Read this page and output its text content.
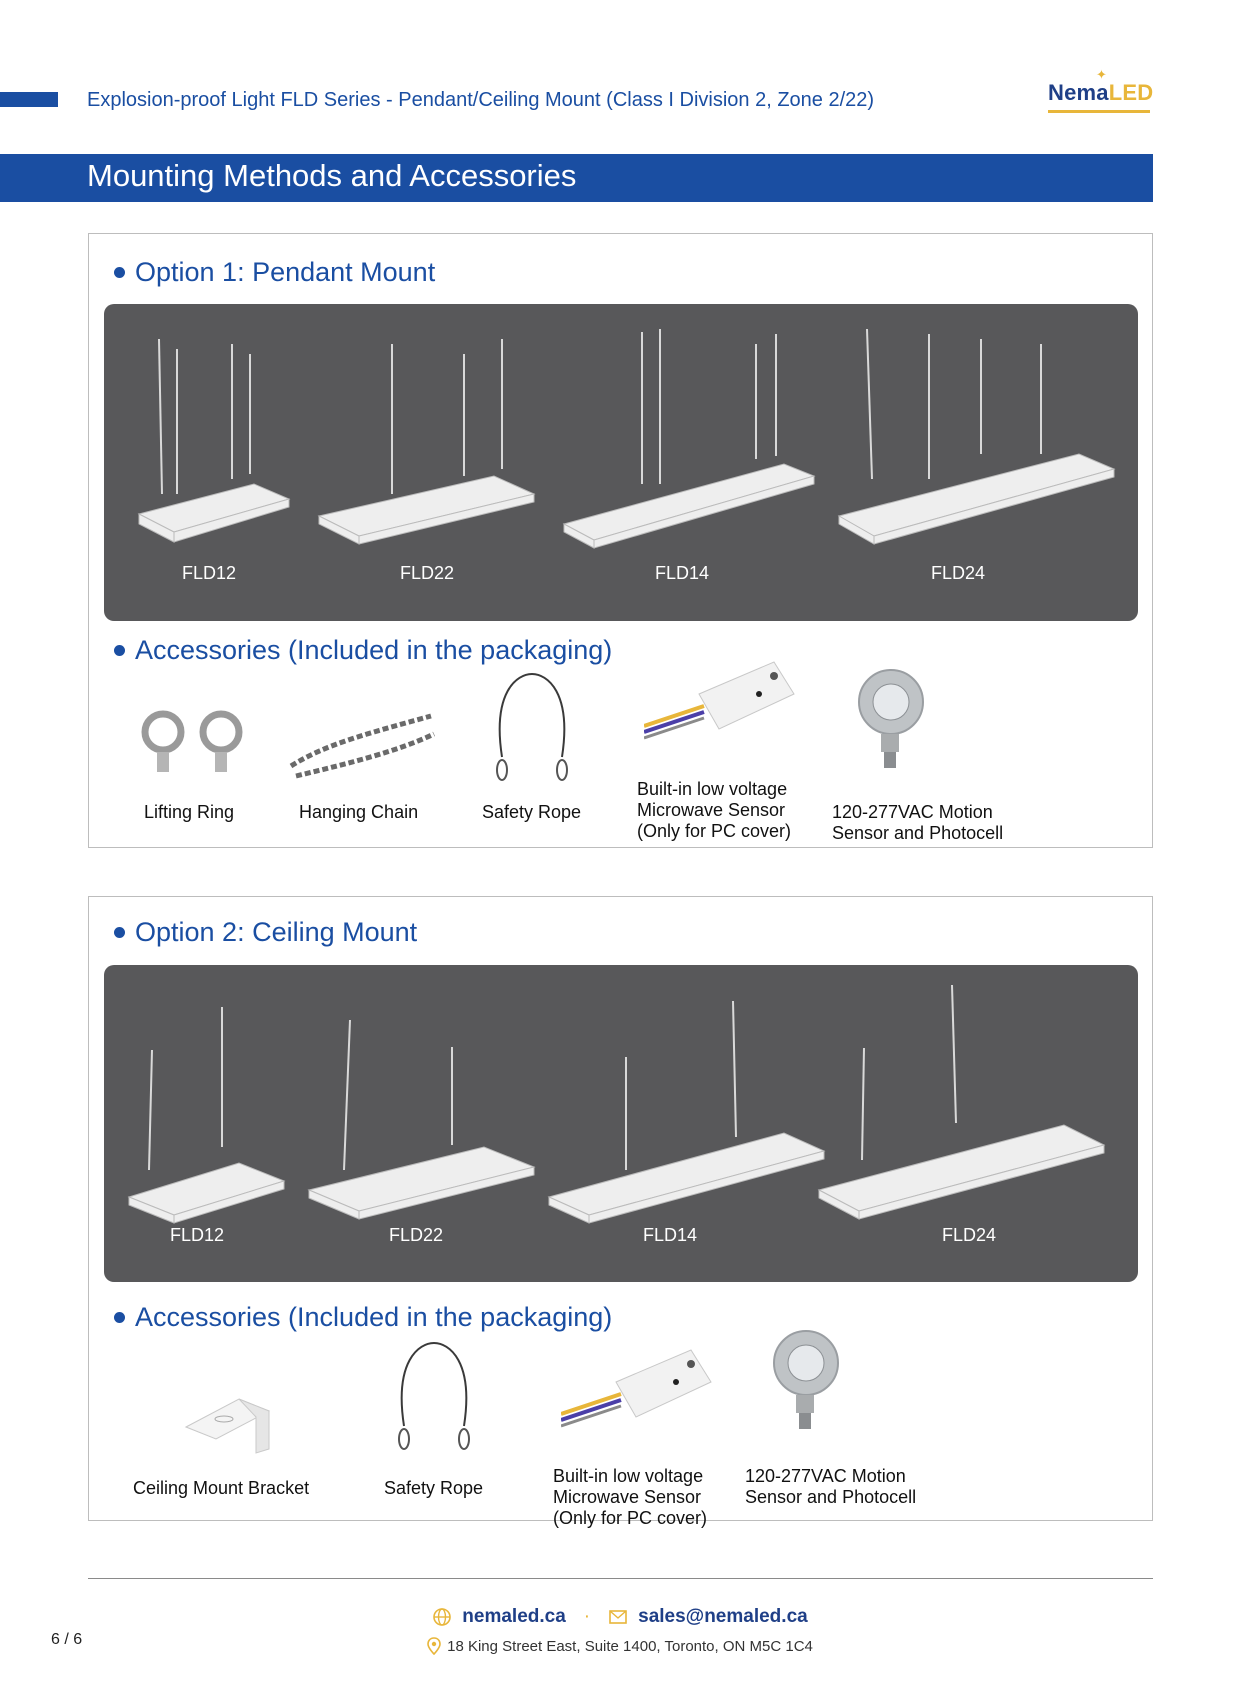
Explosion-proof Light FLD Series - Pendant/Ceiling Mount (Class I Division 2, Zone 2/22)
✦
NemaLED
Mounting Methods and Accessories
Option 1: Pendant Mount
FLD12	FLD22	FLD14	FLD24
Accessories (Included in the packaging)
Lifting Ring	Hanging Chain	Safety Rope
Built-in low voltage
Microwave Sensor
(Only for PC cover)
120-277VAC Motion
Sensor and Photocell
Option 2: Ceiling Mount
FLD12	FLD22	FLD14	FLD24
Accessories (Included in the packaging)
Ceiling Mount Bracket	Safety Rope
Built-in low voltage
Microwave Sensor
(Only for PC cover)
120-277VAC Motion
Sensor and Photocell
nemaled.ca ·	sales@nemaled.ca
18 King Street East, Suite 1400, Toronto, ON M5C 1C4
6 / 6
